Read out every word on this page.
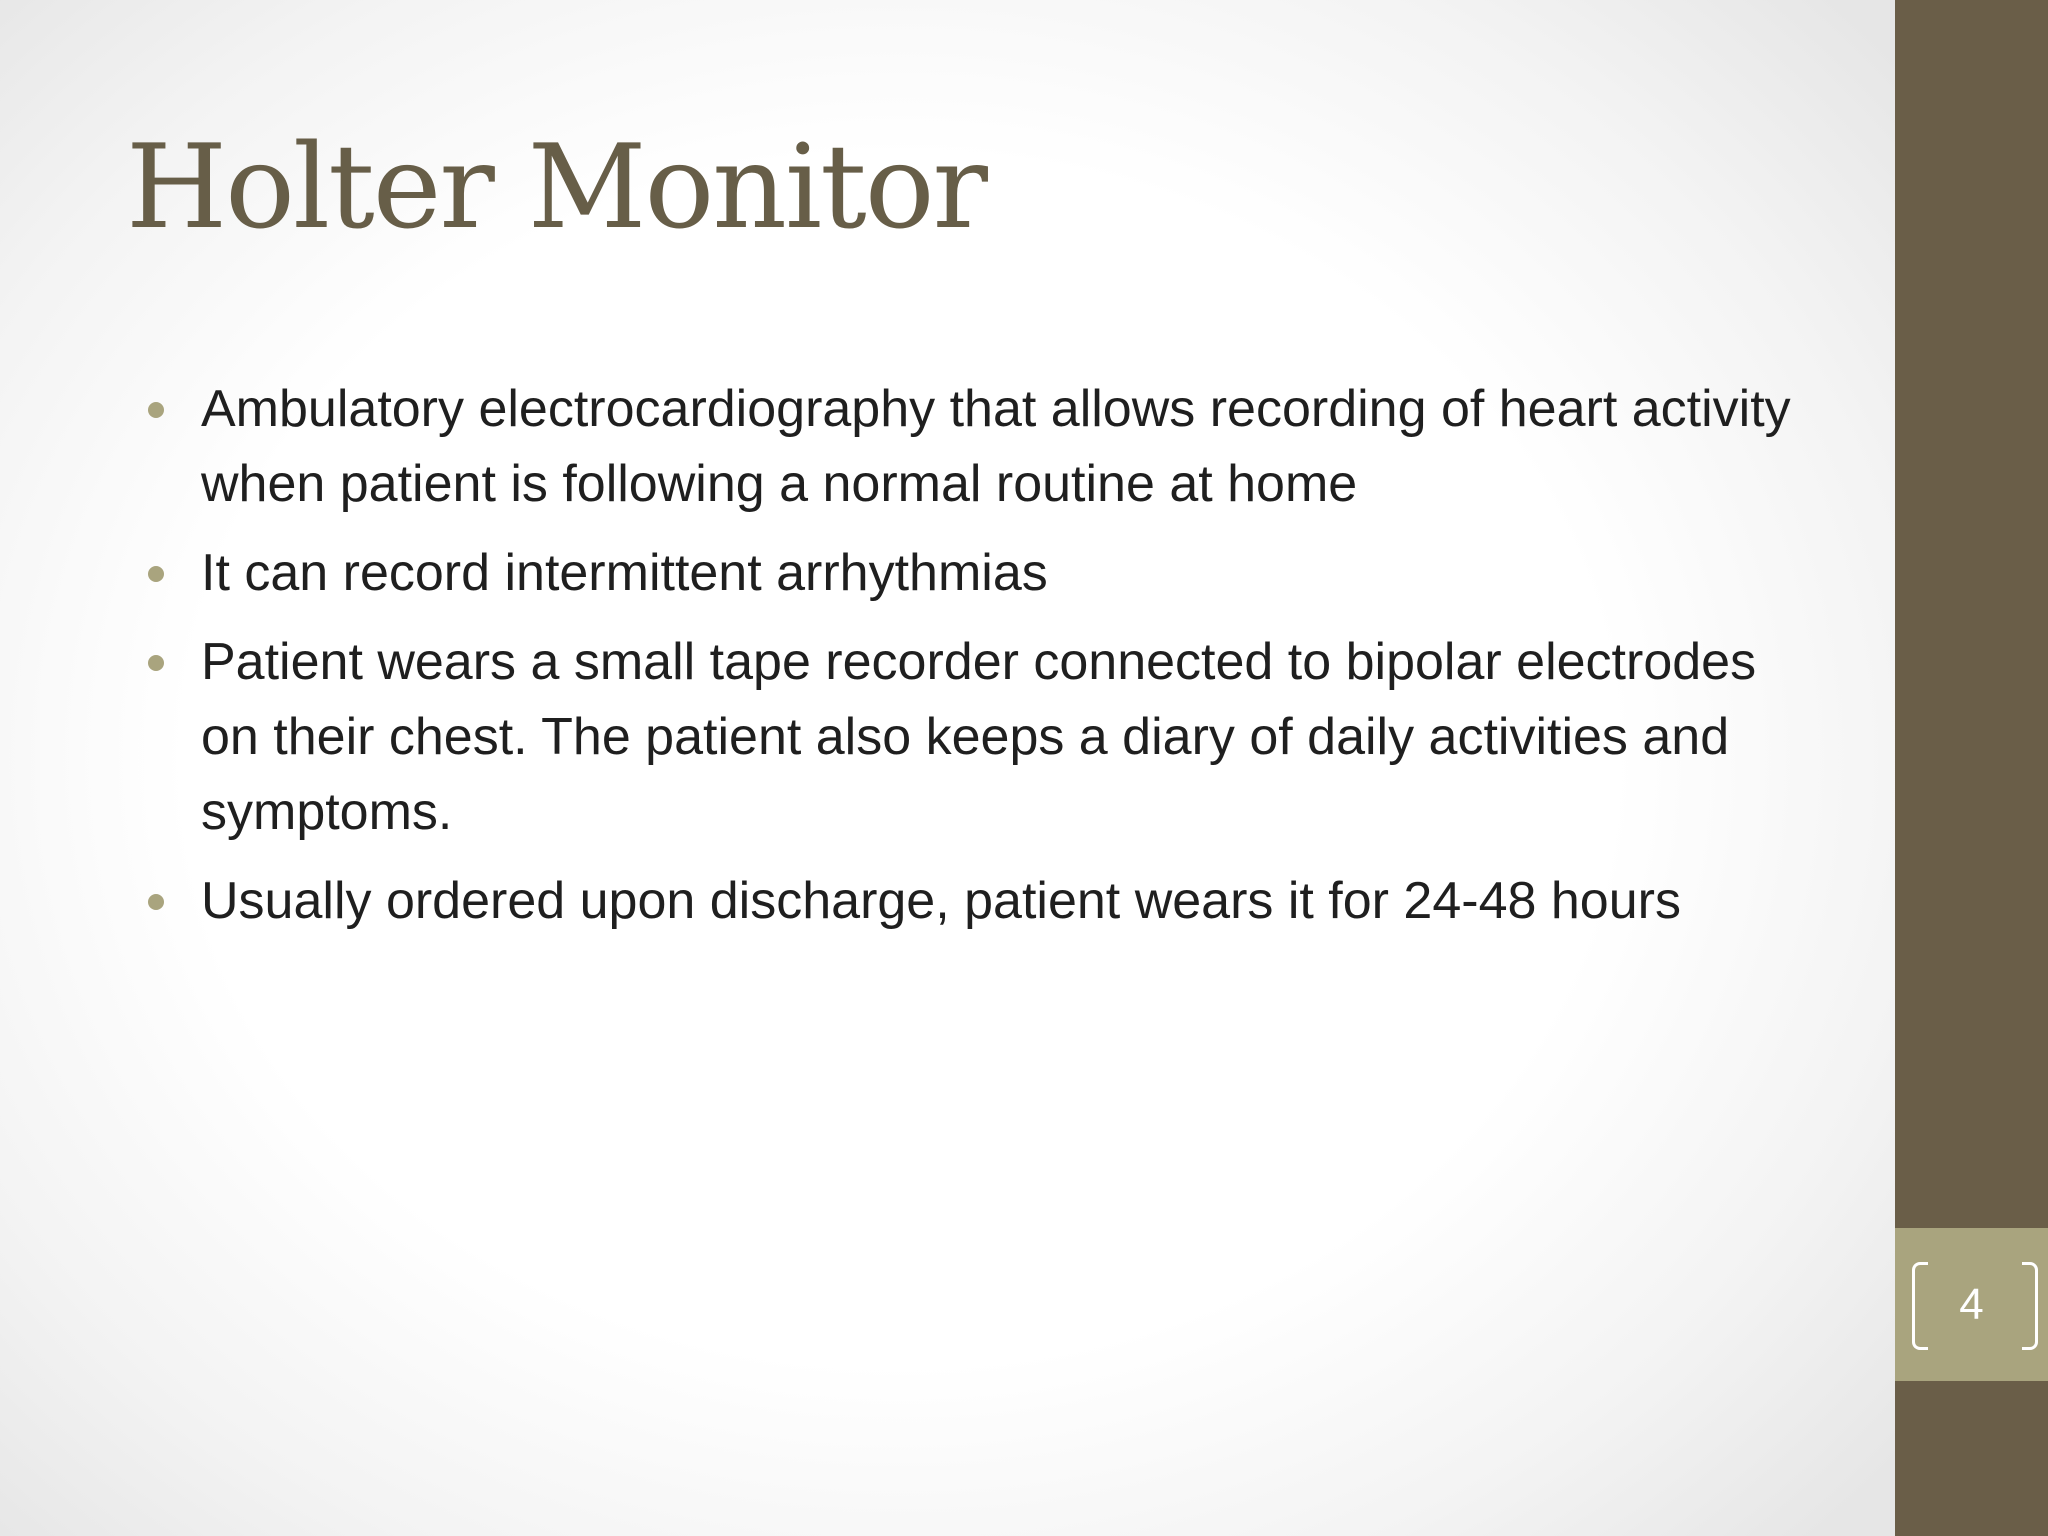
Holter Monitor
Ambulatory electrocardiography that allows recording of heart activity when patient is following a normal routine at home
It can record intermittent arrhythmias
Patient wears a small tape recorder connected to bipolar electrodes on their chest. The patient also keeps a diary of daily activities and symptoms.
Usually ordered upon discharge, patient wears it for 24-48 hours
4
